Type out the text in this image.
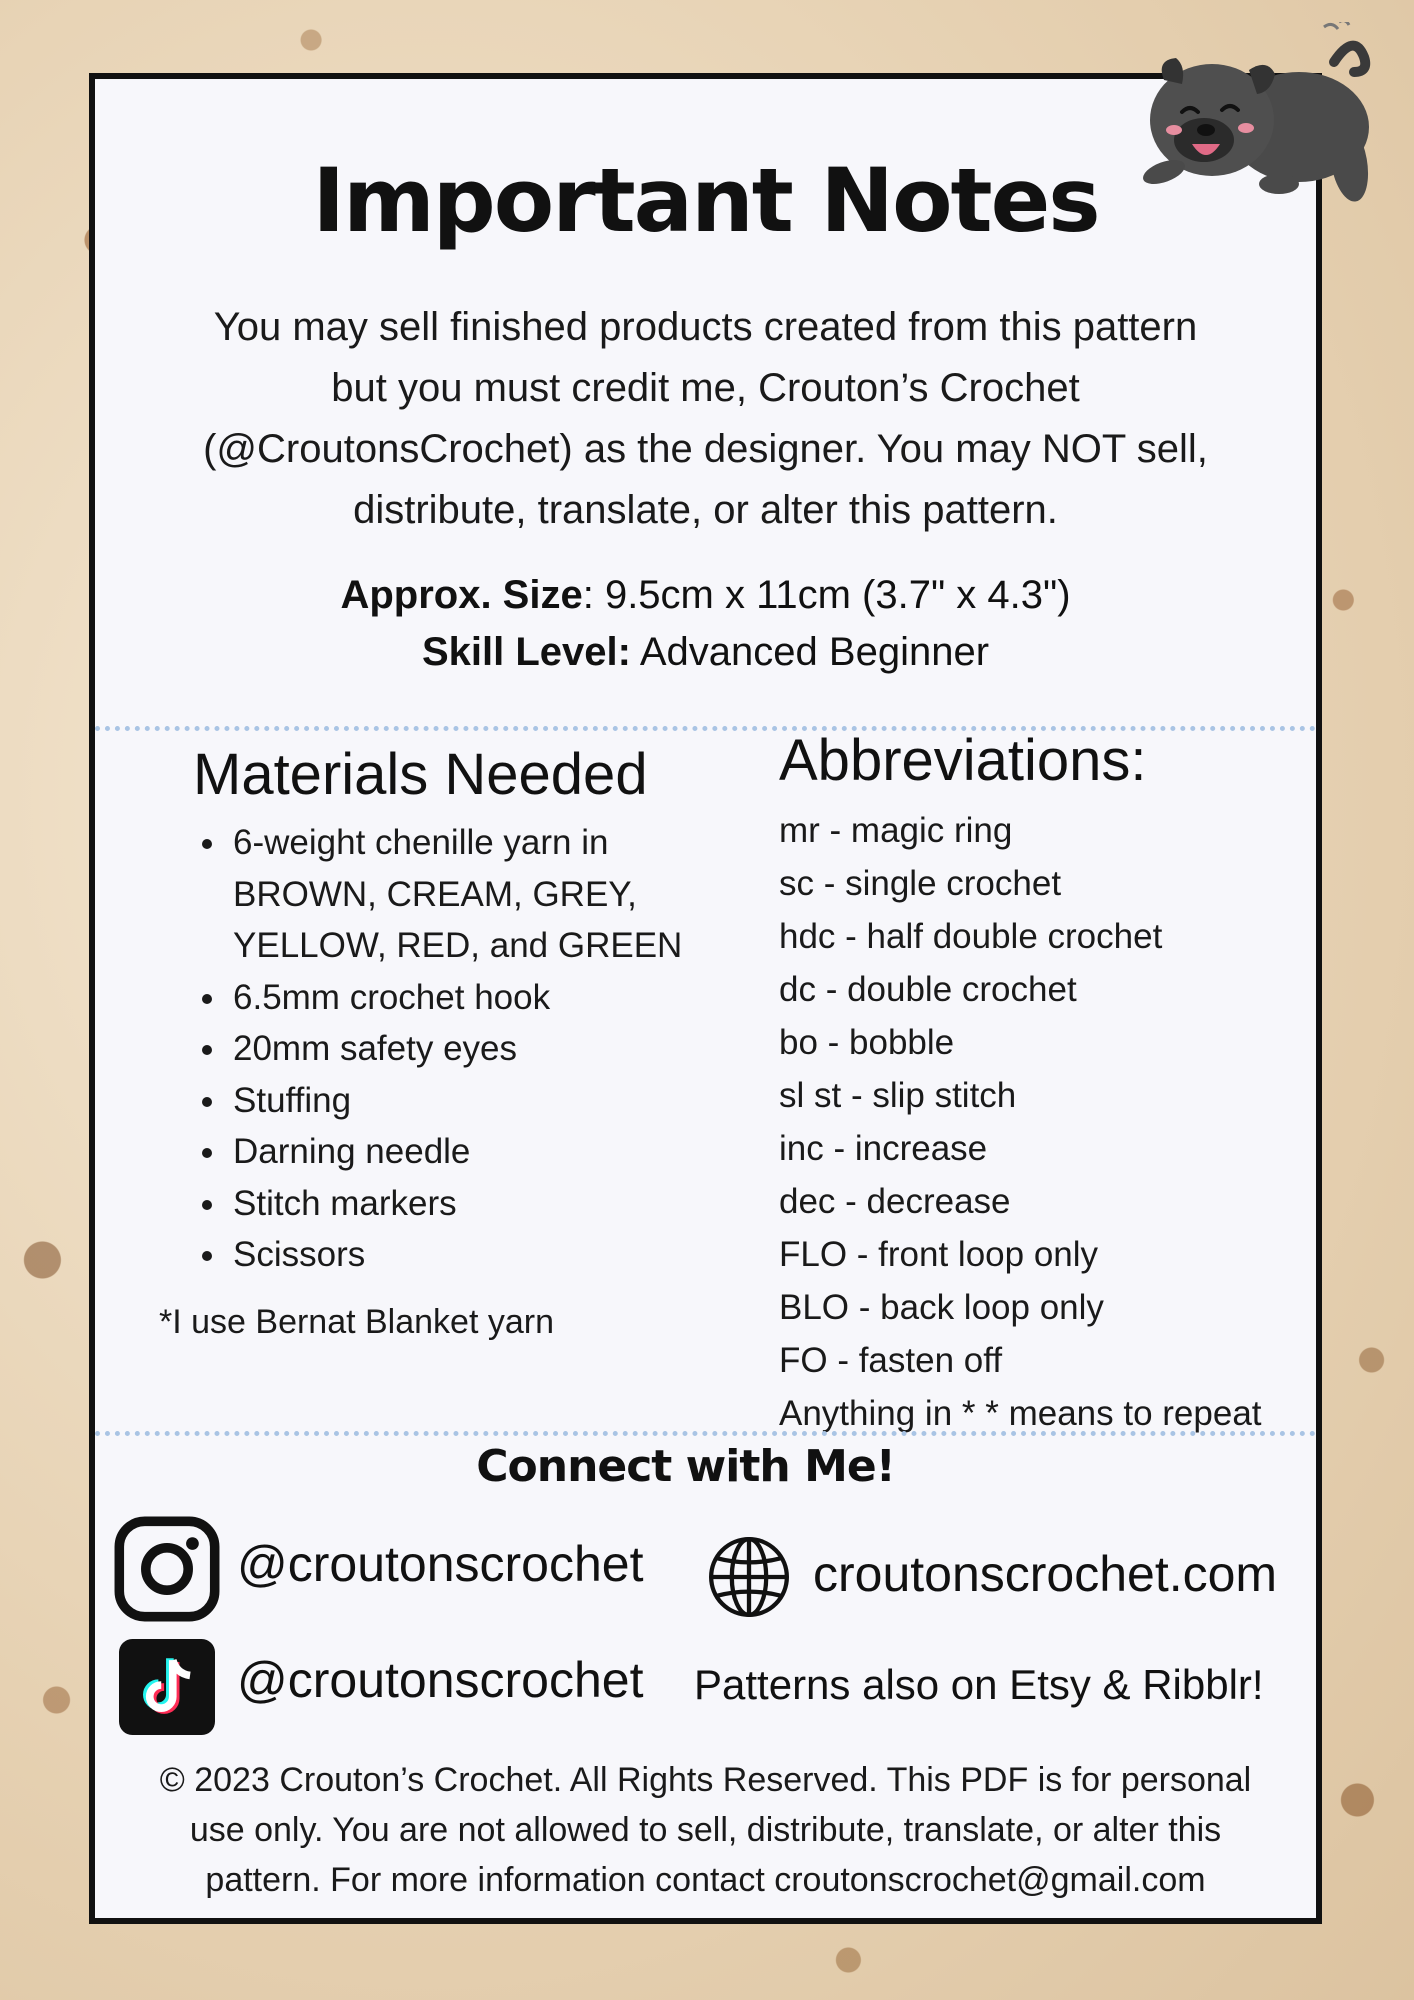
Important Notes
You may sell finished products created from this pattern
but you must credit me, Crouton’s Crochet
(@CroutonsCrochet) as the designer. You may NOT sell,
distribute, translate, or alter this pattern.
Approx. Size: 9.5cm x 11cm (3.7" x 4.3")
Skill Level: Advanced Beginner
Materials Needed
• 6-weight chenille yarn in BROWN, CREAM, GREY, YELLOW, RED, and GREEN
• 6.5mm crochet hook
• 20mm safety eyes
• Stuffing
• Darning needle
• Stitch markers
• Scissors
*I use Bernat Blanket yarn
Abbreviations:
mr - magic ring
sc - single crochet
hdc - half double crochet
dc - double crochet
bo - bobble
sl st - slip stitch
inc - increase
dec - decrease
FLO - front loop only
BLO - back loop only
FO - fasten off
Anything in * * means to repeat
Connect with Me!
@croutonscrochet	croutonscrochet.com
@croutonscrochet Patterns also on Etsy & Ribblr!
© 2023 Crouton’s Crochet. All Rights Reserved. This PDF is for personal
use only. You are not allowed to sell, distribute, translate, or alter this
pattern. For more information contact croutonscrochet@gmail.com
